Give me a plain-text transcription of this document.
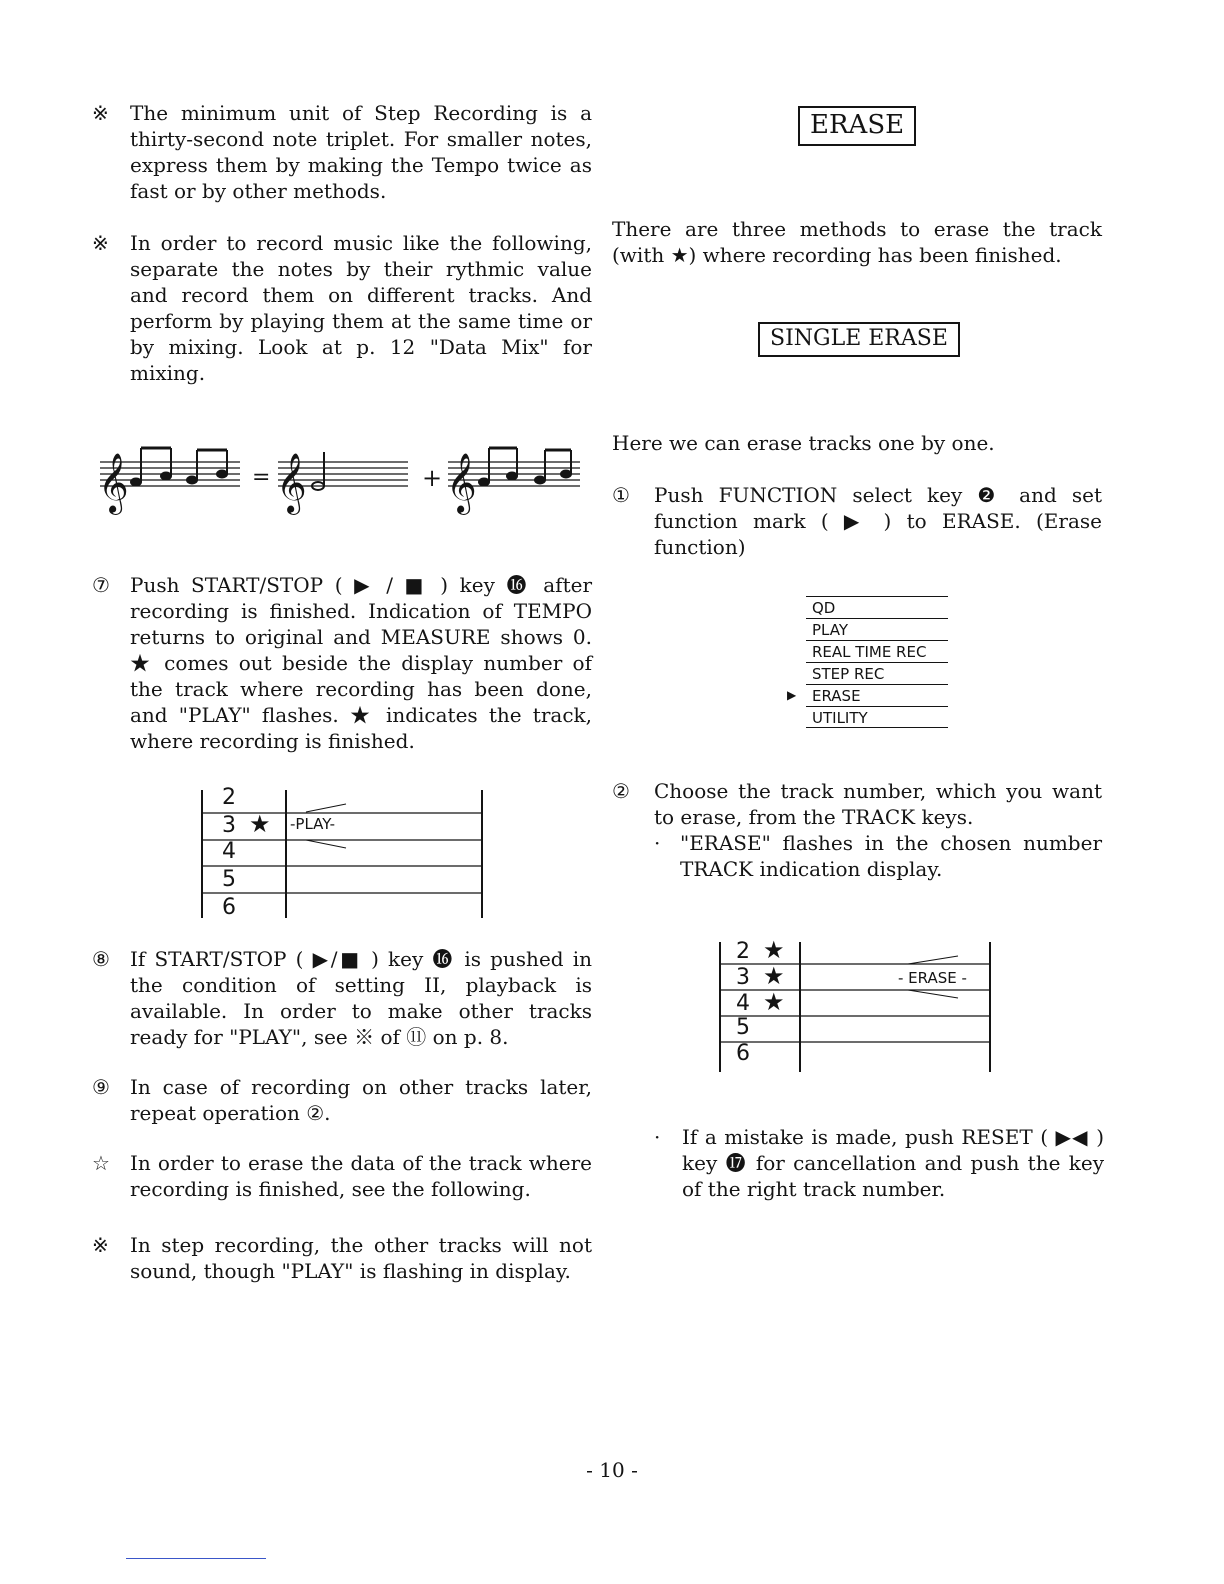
※	The minimum unit of Step Recording is a thirty-second note triplet. For smaller notes, express them by making the Tempo twice as fast or by other methods.
※	In order to record music like the following, separate the notes by their rythmic value and record them on different tracks. And perform by playing them at the same time or by mixing. Look at p. 12 "Data Mix" for mixing.
𝄞	𝄞	𝄞
=	+
⑦	Push START/STOP ( ▶ / ■ ) key ⓰ after recording is finished. Indication of TEMPO returns to original and MEASURE shows 0. ★ comes out beside the display number of the track where recording has been done, and "PLAY" flashes. ★ indicates the track, where recording is finished.
2
3 ★ -PLAY-
4
5
6
⑧	If START/STOP ( ▶/■ ) key ⓰ is pushed in the condition of setting II, playback is available. In order to make other tracks ready for "PLAY", see ※ of ⑪ on p. 8.
⑨	In case of recording on other tracks later, repeat operation ②.
☆	In order to erase the data of the track where recording is finished, see the following.
※	In step recording, the other tracks will not sound, though "PLAY" is flashing in display.
ERASE
There are three methods to erase the track (with ★) where recording has been finished.
SINGLE ERASE
Here we can erase tracks one by one.
①	Push FUNCTION select key ❷ and set function mark ( ▶ ) to ERASE. (Erase function)
QD
PLAY
REAL TIME REC
STEP REC
ERASE
UTILITY
▶
②	Choose the track number, which you want to erase, from the TRACK keys.
· "ERASE" flashes in the chosen number TRACK indication display.
2 ★
3 ★	- ERASE -
4 ★
5
6
·	If a mistake is made, push RESET ( ▶◀ ) key ⓱ for cancellation and push the key of the right track number.
- 10 -
